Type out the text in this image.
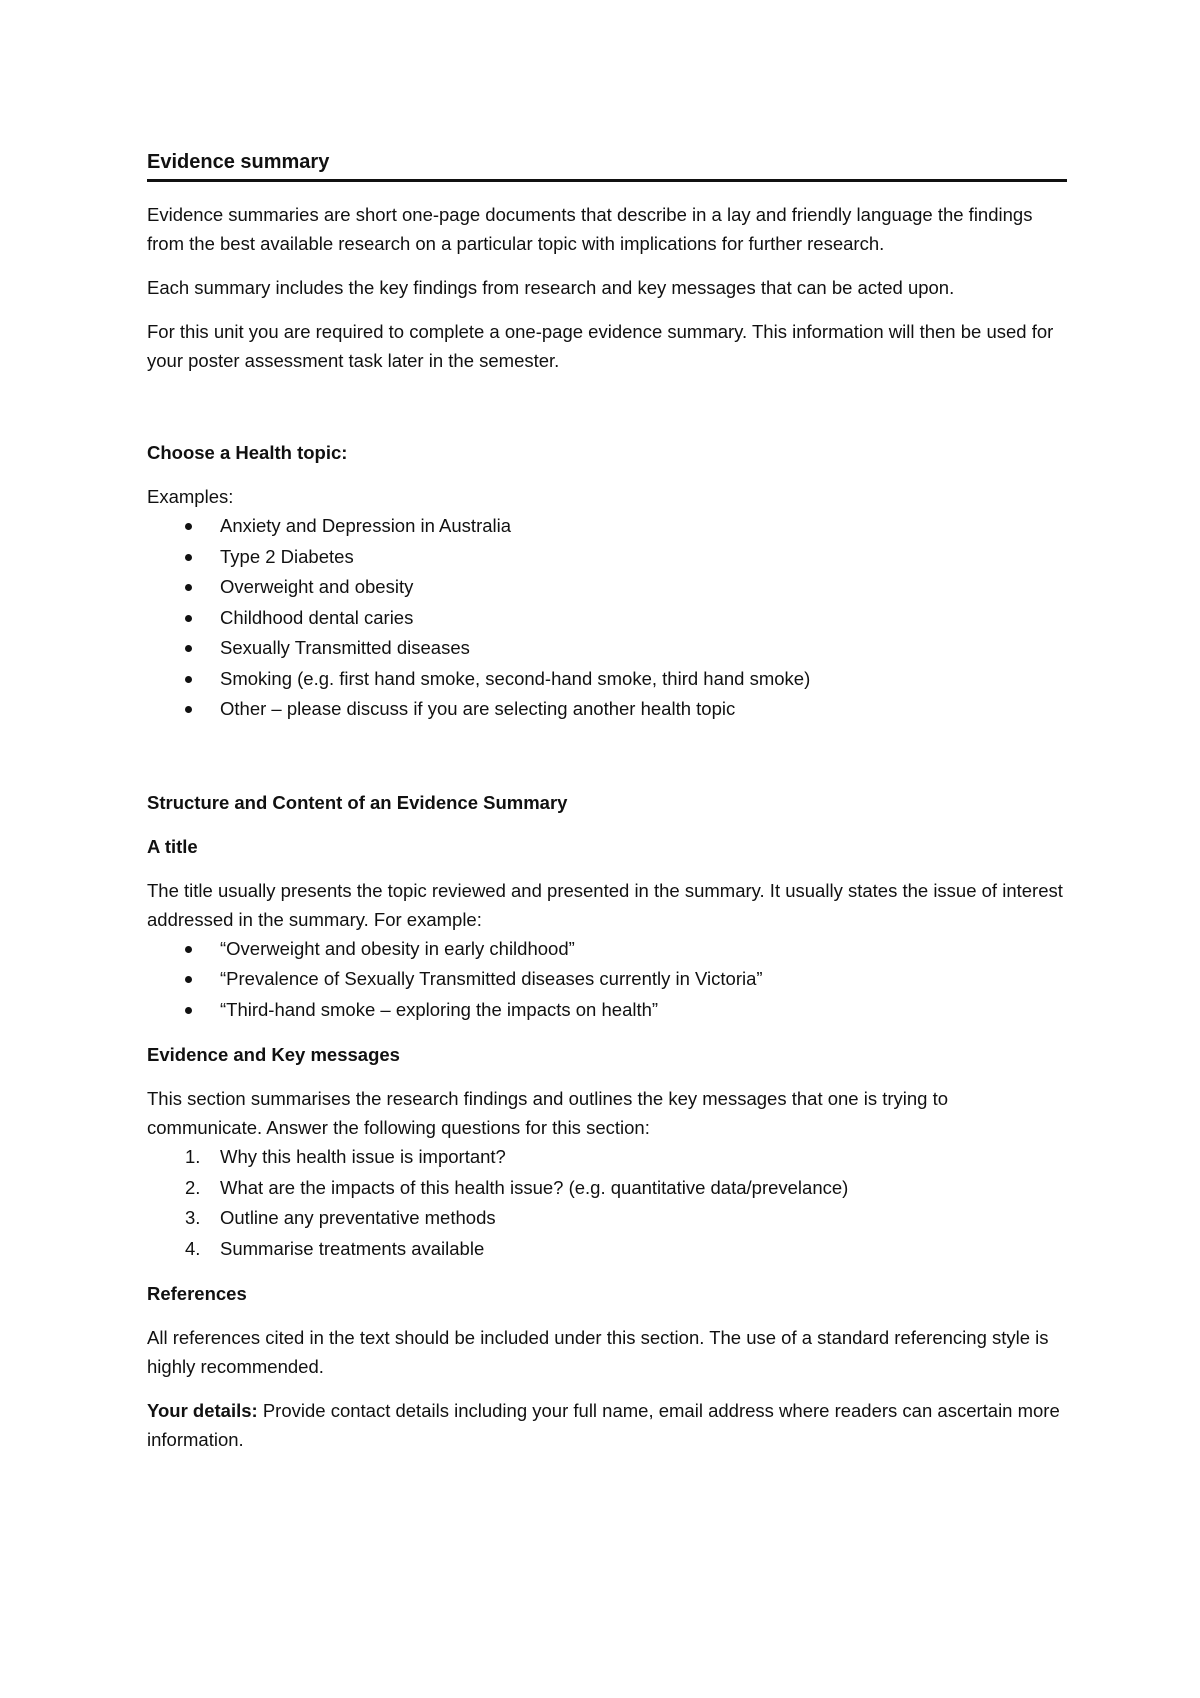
Evidence summary

Evidence summaries are short one-page documents that describe in a lay and friendly language the findings from the best available research on a particular topic with implications for further research.

Each summary includes the key findings from research and key messages that can be acted upon.

For this unit you are required to complete a one-page evidence summary. This information will then be used for your poster assessment task later in the semester.

Choose a Health topic:

Examples:

Anxiety and Depression in Australia
Type 2 Diabetes
Overweight and obesity
Childhood dental caries
Sexually Transmitted diseases
Smoking (e.g. first hand smoke, second-hand smoke, third hand smoke)
Other – please discuss if you are selecting another health topic

Structure and Content of an Evidence Summary

A title

The title usually presents the topic reviewed and presented in the summary. It usually states the issue of interest addressed in the summary. For example:

“Overweight and obesity in early childhood”
“Prevalence of Sexually Transmitted diseases currently in Victoria”
“Third-hand smoke – exploring the impacts on health”

Evidence and Key messages

This section summarises the research findings and outlines the key messages that one is trying to communicate. Answer the following questions for this section:

1. Why this health issue is important?
2. What are the impacts of this health issue? (e.g. quantitative data/prevelance)
3. Outline any preventative methods
4. Summarise treatments available

References

All references cited in the text should be included under this section. The use of a standard referencing style is highly recommended.

Your details: Provide contact details including your full name, email address where readers can ascertain more information.
